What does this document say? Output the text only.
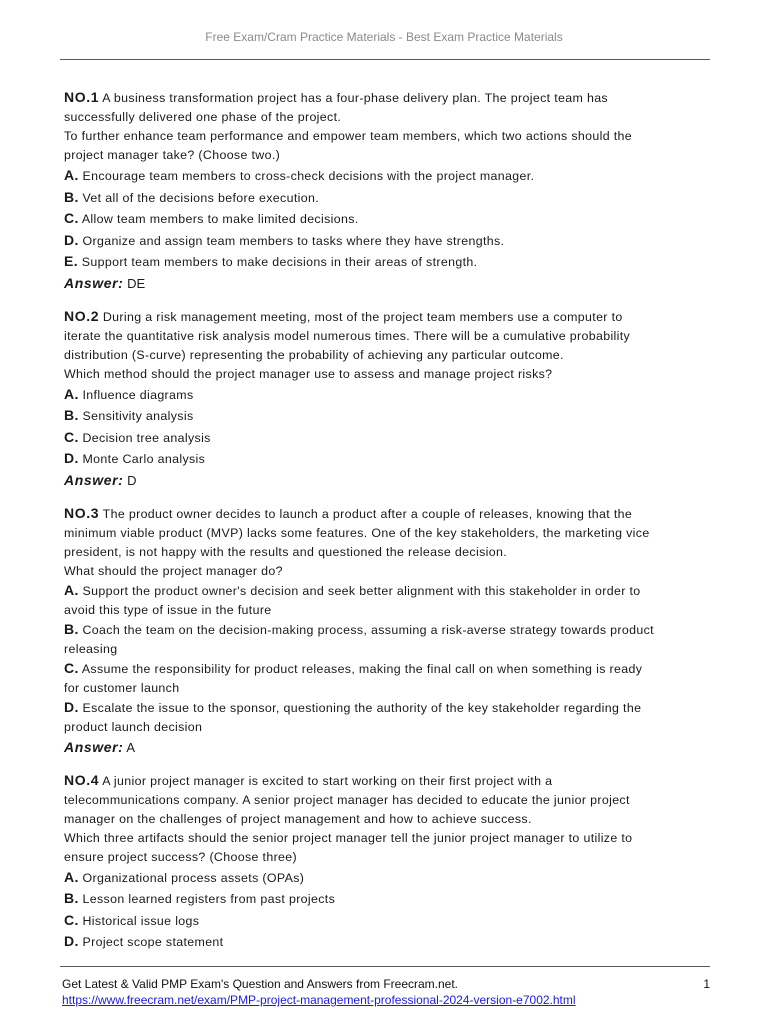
Free Exam/Cram Practice Materials - Best Exam Practice Materials
NO.1 A business transformation project has a four-phase delivery plan. The project team has
successfully delivered one phase of the project.
To further enhance team performance and empower team members, which two actions should the
project manager take? (Choose two.)
A. Encourage team members to cross-check decisions with the project manager.
B. Vet all of the decisions before execution.
C. Allow team members to make limited decisions.
D. Organize and assign team members to tasks where they have strengths.
E. Support team members to make decisions in their areas of strength.
Answer: DE
NO.2 During a risk management meeting, most of the project team members use a computer to
iterate the quantitative risk analysis model numerous times. There will be a cumulative probability
distribution (S-curve) representing the probability of achieving any particular outcome.
Which method should the project manager use to assess and manage project risks?
A. Influence diagrams
B. Sensitivity analysis
C. Decision tree analysis
D. Monte Carlo analysis
Answer: D
NO.3 The product owner decides to launch a product after a couple of releases, knowing that the
minimum viable product (MVP) lacks some features. One of the key stakeholders, the marketing vice
president, is not happy with the results and questioned the release decision.
What should the project manager do?
A. Support the product owner's decision and seek better alignment with this stakeholder in order to
avoid this type of issue in the future
B. Coach the team on the decision-making process, assuming a risk-averse strategy towards product
releasing
C. Assume the responsibility for product releases, making the final call on when something is ready
for customer launch
D. Escalate the issue to the sponsor, questioning the authority of the key stakeholder regarding the
product launch decision
Answer: A
NO.4 A junior project manager is excited to start working on their first project with a
telecommunications company. A senior project manager has decided to educate the junior project
manager on the challenges of project management and how to achieve success.
Which three artifacts should the senior project manager tell the junior project manager to utilize to
ensure project success? (Choose three)
A. Organizational process assets (OPAs)
B. Lesson learned registers from past projects
C. Historical issue logs
D. Project scope statement
Get Latest & Valid PMP Exam's Question and Answers from Freecram.net.	1
https://www.freecram.net/exam/PMP-project-management-professional-2024-version-e7002.html
